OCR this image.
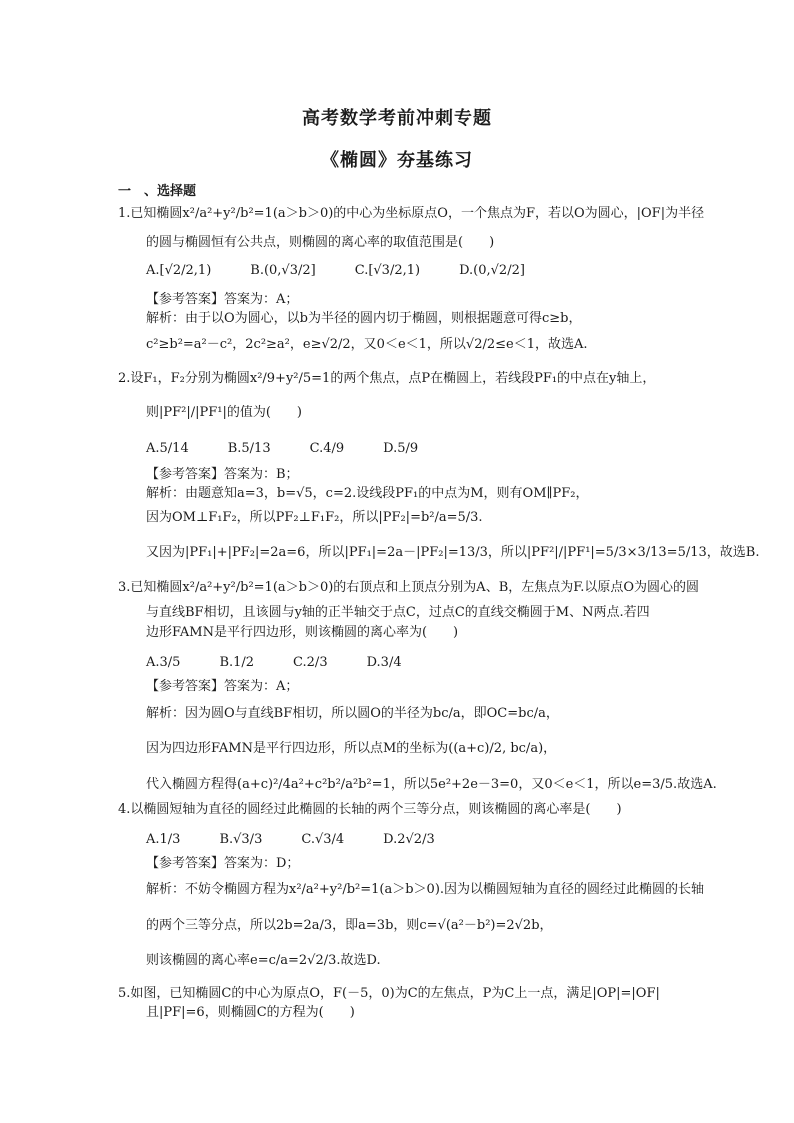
高考数学考前冲刺专题
《椭圆》夯基练习
一　、选择题
1.已知椭圆x²/a²+y²/b²=1(a＞b＞0)的中心为坐标原点O，一个焦点为F，若以O为圆心，|OF|为半径
的圆与椭圆恒有公共点，则椭圆的离心率的取值范围是(　　)
A.[√2/2,1)　　　B.(0,√3/2]　　　C.[√3/2,1)　　　D.(0,√2/2]
【参考答案】答案为：A；
解析：由于以O为圆心，以b为半径的圆内切于椭圆，则根据题意可得c≥b，
c²≥b²=a²－c²，2c²≥a²，e≥√2/2，又0＜e＜1，所以√2/2≤e＜1，故选A.
2.设F₁，F₂分别为椭圆x²/9+y²/5=1的两个焦点，点P在椭圆上，若线段PF₁的中点在y轴上，
则|PF²|/|PF¹|的值为(　　)
A.5/14　　　B.5/13　　　C.4/9　　　D.5/9
【参考答案】答案为：B；
解析：由题意知a=3，b=√5，c=2.设线段PF₁的中点为M，则有OM∥PF₂，
因为OM⊥F₁F₂，所以PF₂⊥F₁F₂，所以|PF₂|=b²/a=5/3.
又因为|PF₁|+|PF₂|=2a=6，所以|PF₁|=2a－|PF₂|=13/3，所以|PF²|/|PF¹|=5/3×3/13=5/13，故选B.
3.已知椭圆x²/a²+y²/b²=1(a＞b＞0)的右顶点和上顶点分别为A、B，左焦点为F.以原点O为圆心的圆
与直线BF相切，且该圆与y轴的正半轴交于点C，过点C的直线交椭圆于M、N两点.若四
边形FAMN是平行四边形，则该椭圆的离心率为(　　)
A.3/5　　　B.1/2　　　C.2/3　　　D.3/4
【参考答案】答案为：A；
解析：因为圆O与直线BF相切，所以圆O的半径为bc/a，即OC=bc/a，
因为四边形FAMN是平行四边形，所以点M的坐标为((a+c)/2, bc/a)，
代入椭圆方程得(a+c)²/4a²+c²b²/a²b²=1，所以5e²+2e－3=0，又0＜e＜1，所以e=3/5.故选A.
4.以椭圆短轴为直径的圆经过此椭圆的长轴的两个三等分点，则该椭圆的离心率是(　　)
A.1/3　　　B.√3/3　　　C.√3/4　　　D.2√2/3
【参考答案】答案为：D；
解析：不妨令椭圆方程为x²/a²+y²/b²=1(a＞b＞0).因为以椭圆短轴为直径的圆经过此椭圆的长轴
的两个三等分点，所以2b=2a/3，即a=3b，则c=√(a²－b²)=2√2b，
则该椭圆的离心率e=c/a=2√2/3.故选D.
5.如图，已知椭圆C的中心为原点O，F(－5，0)为C的左焦点，P为C上一点，满足|OP|=|OF|
且|PF|=6，则椭圆C的方程为(　　)
